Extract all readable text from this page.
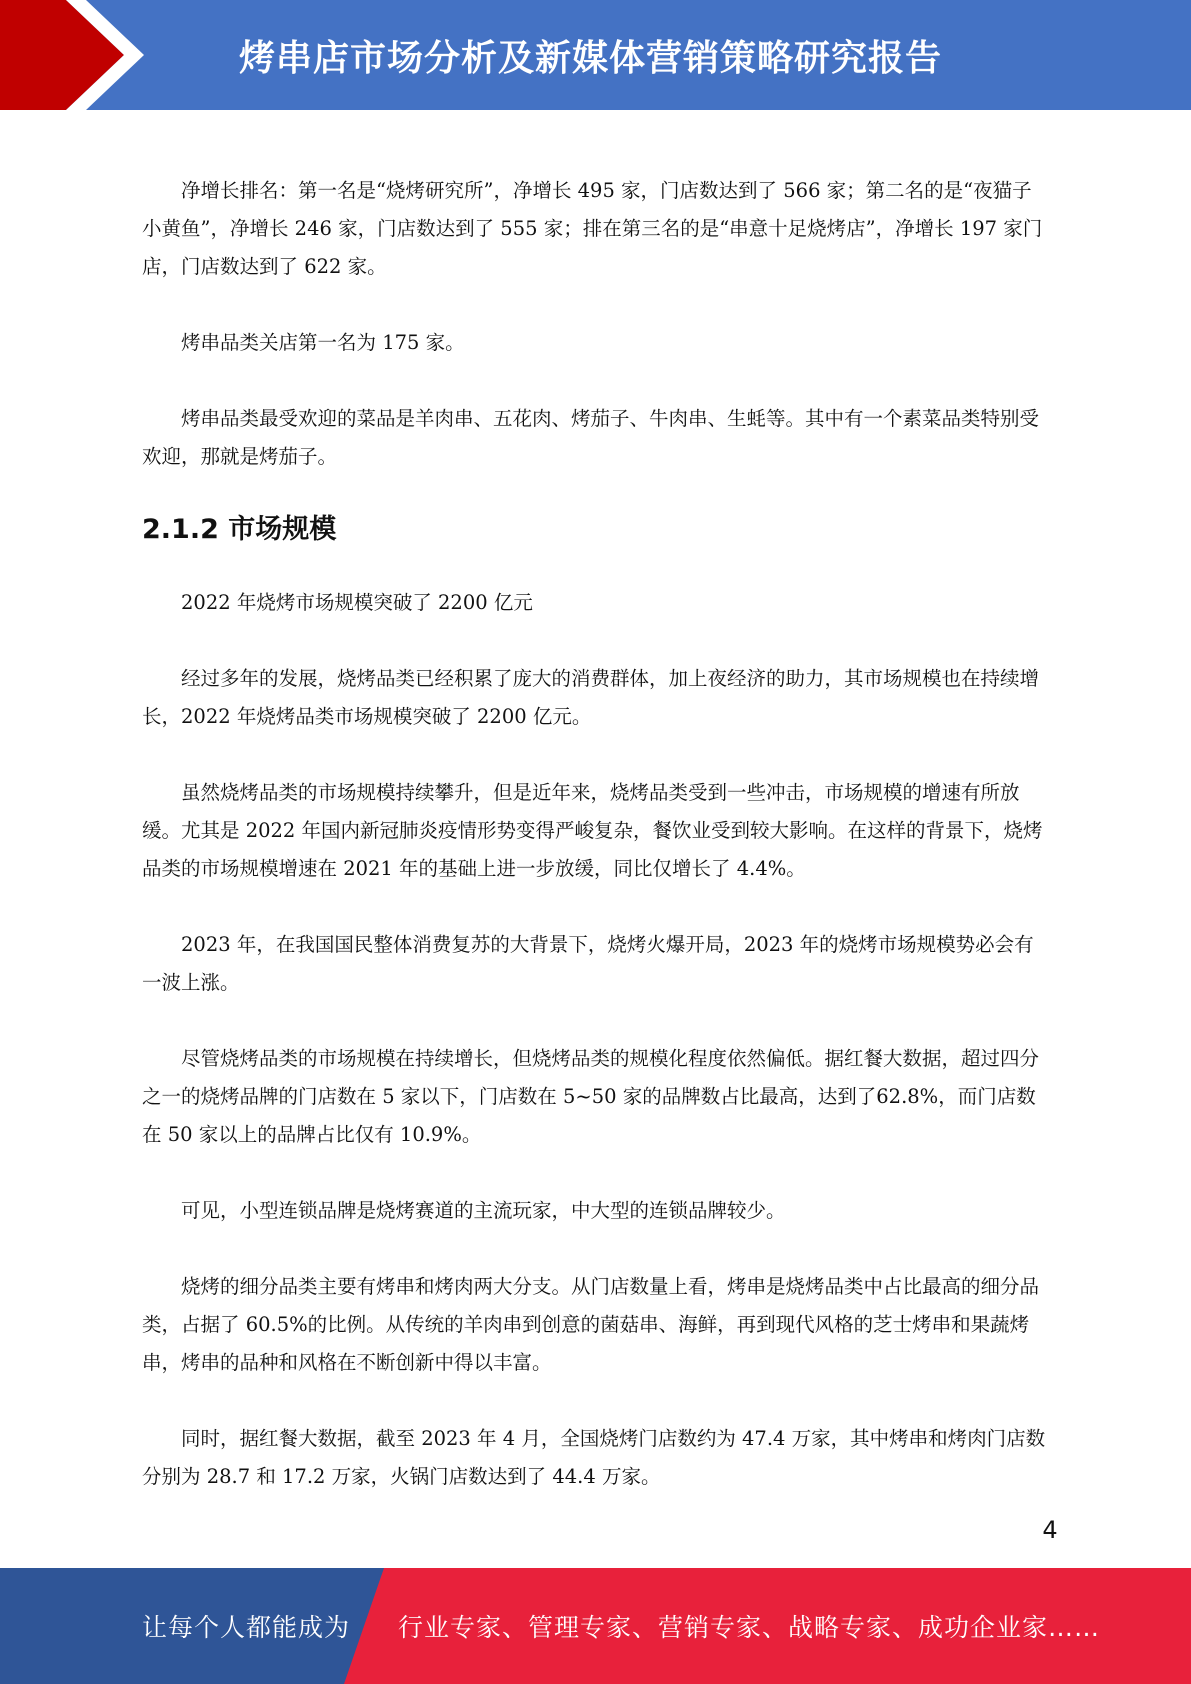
烤串店市场分析及新媒体营销策略研究报告

净增长排名：第一名是“烧烤研究所”，净增长 495 家，门店数达到了 566 家；第二名的是“夜猫子小黄鱼”，净增长 246 家，门店数达到了 555 家；排在第三名的是“串意十足烧烤店”，净增长 197 家门店，门店数达到了 622 家。

烤串品类关店第一名为 175 家。

烤串品类最受欢迎的菜品是羊肉串、五花肉、烤茄子、牛肉串、生蚝等。其中有一个素菜品类特别受欢迎，那就是烤茄子。

2.1.2 市场规模

2022 年烧烤市场规模突破了 2200 亿元

经过多年的发展，烧烤品类已经积累了庞大的消费群体，加上夜经济的助力，其市场规模也在持续增长，2022 年烧烤品类市场规模突破了 2200 亿元。

虽然烧烤品类的市场规模持续攀升，但是近年来，烧烤品类受到一些冲击，市场规模的增速有所放缓。尤其是 2022 年国内新冠肺炎疫情形势变得严峻复杂，餐饮业受到较大影响。在这样的背景下，烧烤品类的市场规模增速在 2021 年的基础上进一步放缓，同比仅增长了 4.4%。

2023 年，在我国国民整体消费复苏的大背景下，烧烤火爆开局，2023 年的烧烤市场规模势必会有一波上涨。

尽管烧烤品类的市场规模在持续增长，但烧烤品类的规模化程度依然偏低。据红餐大数据，超过四分之一的烧烤品牌的门店数在 5 家以下，门店数在 5~50 家的品牌数占比最高，达到了62.8%，而门店数在 50 家以上的品牌占比仅有 10.9%。

可见，小型连锁品牌是烧烤赛道的主流玩家，中大型的连锁品牌较少。

烧烤的细分品类主要有烤串和烤肉两大分支。从门店数量上看，烤串是烧烤品类中占比最高的细分品类，占据了 60.5%的比例。从传统的羊肉串到创意的菌菇串、海鲜，再到现代风格的芝士烤串和果蔬烤串，烤串的品种和风格在不断创新中得以丰富。

同时，据红餐大数据，截至 2023 年 4 月，全国烧烤门店数约为 47.4 万家，其中烤串和烤肉门店数分别为 28.7 和 17.2 万家，火锅门店数达到了 44.4 万家。

4
让每个人都能成为 行业专家、管理专家、营销专家、战略专家、成功企业家……
